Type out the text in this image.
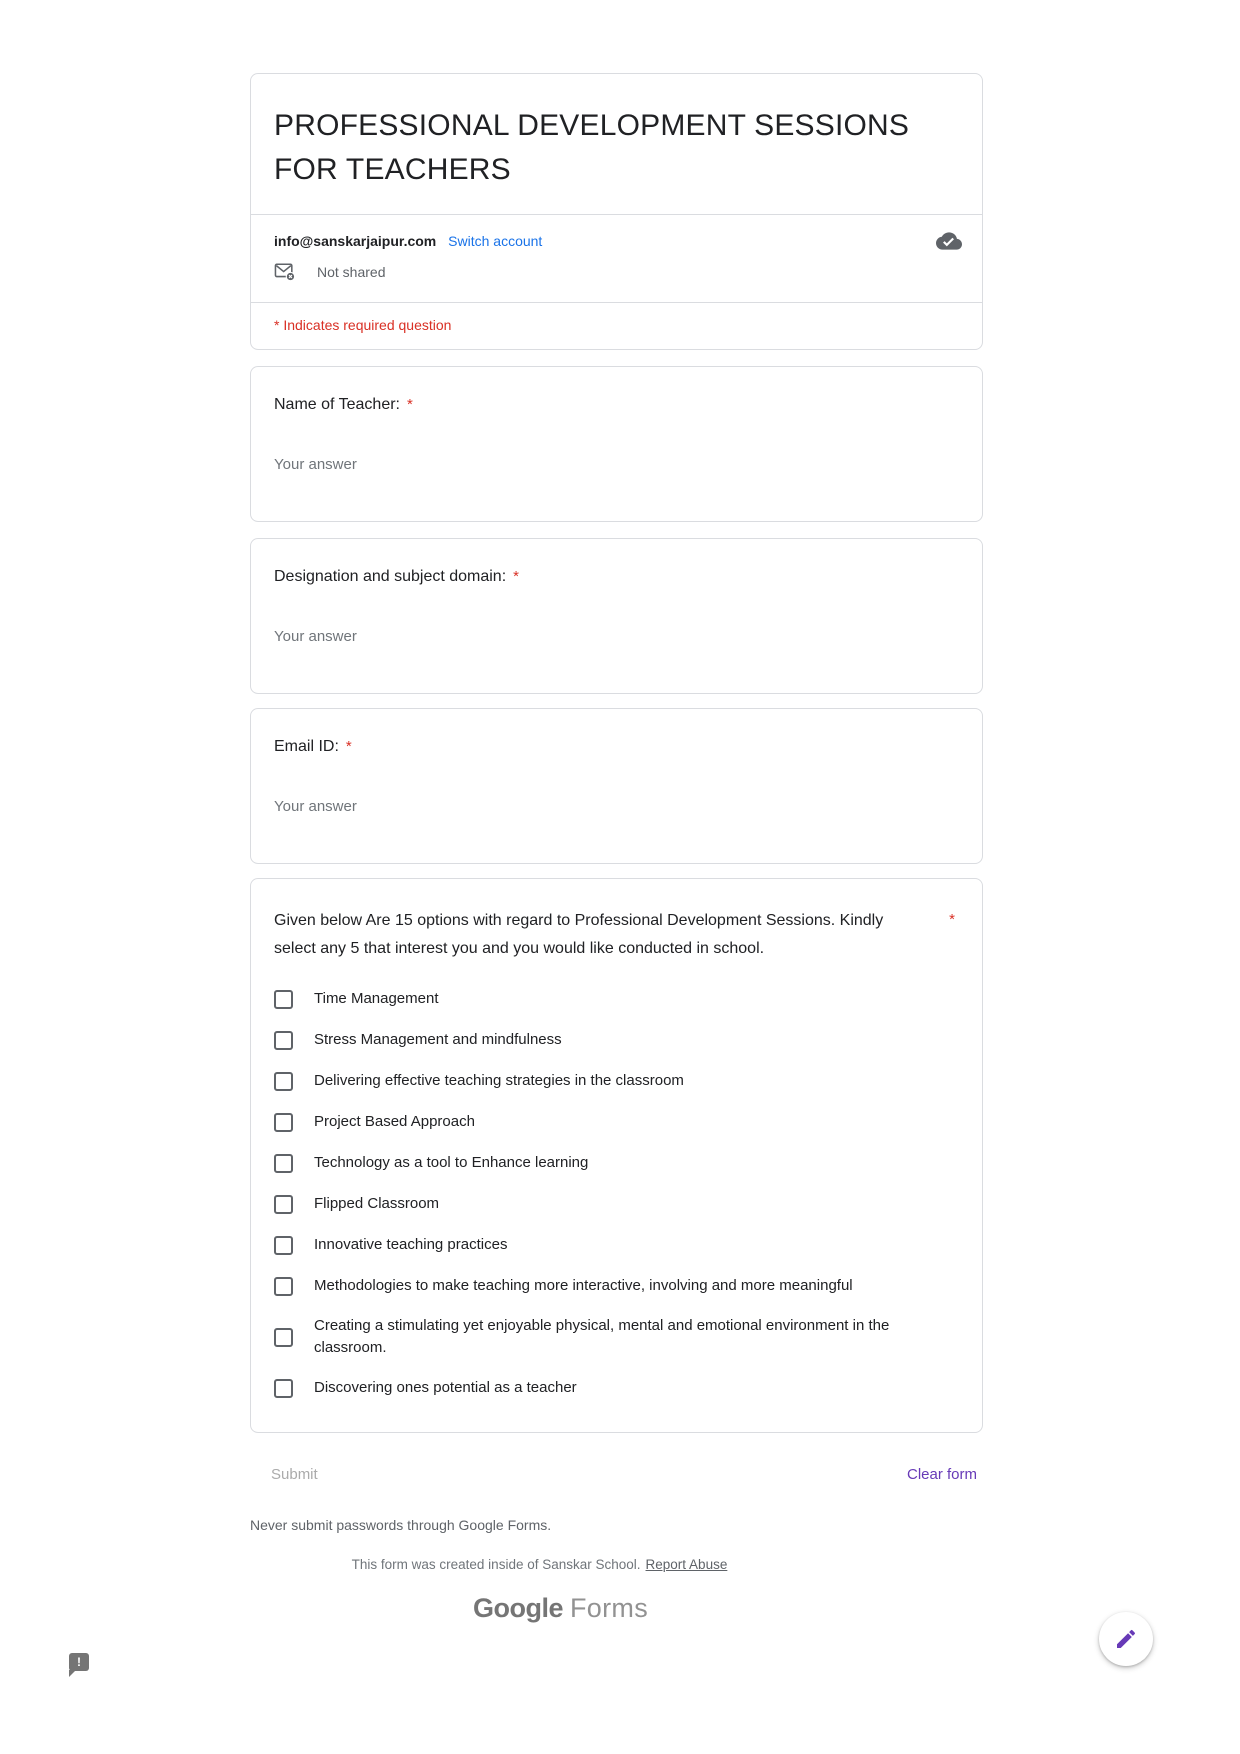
PROFESSIONAL DEVELOPMENT SESSIONS FOR TEACHERS
info@sanskarjaipur.com Switch account
Not shared
* Indicates required question
Name of Teacher: *
Your answer
Designation and subject domain: *
Your answer
Email ID: *
Your answer
Given below Are 15 options with regard to Professional Development Sessions. Kindly select any 5 that interest you and you would like conducted in school.
*
Time Management
Stress Management and mindfulness
Delivering effective teaching strategies in the classroom
Project Based Approach
Technology as a tool to Enhance learning
Flipped Classroom
Innovative teaching practices
Methodologies to make teaching more interactive, involving and more meaningful
Creating a stimulating yet enjoyable physical, mental and emotional environment in the classroom.
Discovering ones potential as a teacher
Submit	Clear form
Never submit passwords through Google Forms.
This form was created inside of Sanskar School. Report Abuse
Google Forms
!
